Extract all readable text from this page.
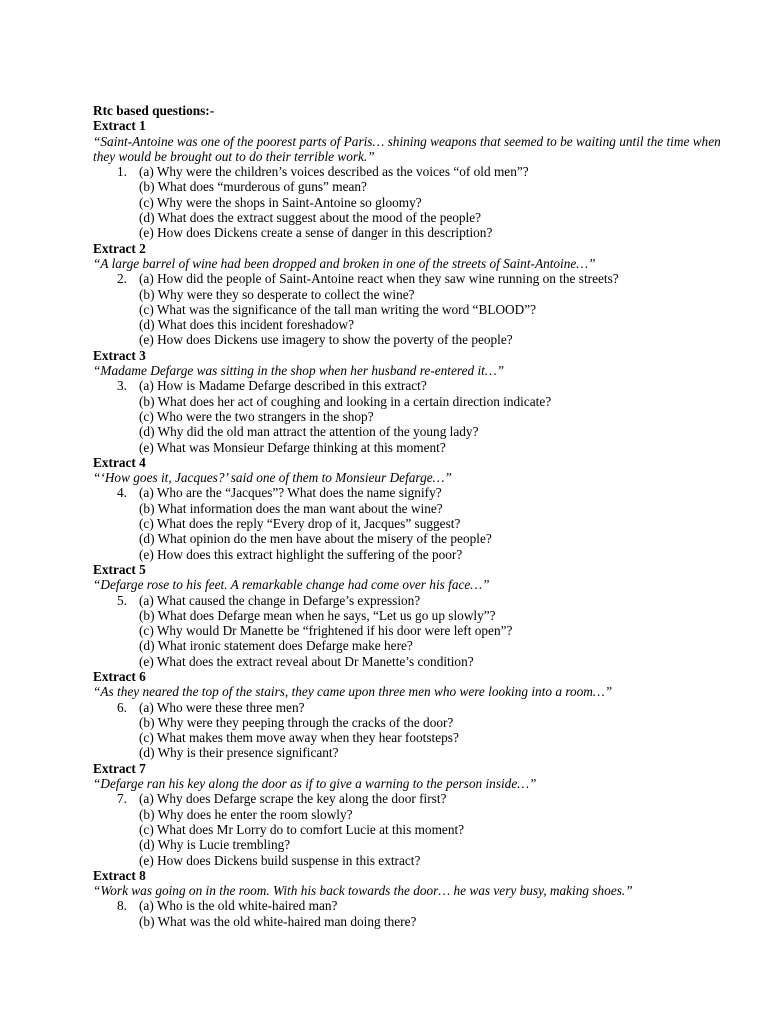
Rtc based questions:-
Extract 1
“Saint-Antoine was one of the poorest parts of Paris… shining weapons that seemed to be waiting until the time when they would be brought out to do their terrible work.”
1. (a) Why were the children’s voices described as the voices “of old men”?
(b) What does “murderous of guns” mean?
(c) Why were the shops in Saint-Antoine so gloomy?
(d) What does the extract suggest about the mood of the people?
(e) How does Dickens create a sense of danger in this description?
Extract 2
“A large barrel of wine had been dropped and broken in one of the streets of Saint-Antoine…”
2. (a) How did the people of Saint-Antoine react when they saw wine running on the streets?
(b) Why were they so desperate to collect the wine?
(c) What was the significance of the tall man writing the word “BLOOD”?
(d) What does this incident foreshadow?
(e) How does Dickens use imagery to show the poverty of the people?
Extract 3
“Madame Defarge was sitting in the shop when her husband re-entered it…”
3. (a) How is Madame Defarge described in this extract?
(b) What does her act of coughing and looking in a certain direction indicate?
(c) Who were the two strangers in the shop?
(d) Why did the old man attract the attention of the young lady?
(e) What was Monsieur Defarge thinking at this moment?
Extract 4
“‘How goes it, Jacques?’ said one of them to Monsieur Defarge…”
4. (a) Who are the “Jacques”? What does the name signify?
(b) What information does the man want about the wine?
(c) What does the reply “Every drop of it, Jacques” suggest?
(d) What opinion do the men have about the misery of the people?
(e) How does this extract highlight the suffering of the poor?
Extract 5
“Defarge rose to his feet. A remarkable change had come over his face…”
5. (a) What caused the change in Defarge’s expression?
(b) What does Defarge mean when he says, “Let us go up slowly”?
(c) Why would Dr Manette be “frightened if his door were left open”?
(d) What ironic statement does Defarge make here?
(e) What does the extract reveal about Dr Manette’s condition?
Extract 6
“As they neared the top of the stairs, they came upon three men who were looking into a room…”
6. (a) Who were these three men?
(b) Why were they peeping through the cracks of the door?
(c) What makes them move away when they hear footsteps?
(d) Why is their presence significant?
Extract 7
“Defarge ran his key along the door as if to give a warning to the person inside…”
7. (a) Why does Defarge scrape the key along the door first?
(b) Why does he enter the room slowly?
(c) What does Mr Lorry do to comfort Lucie at this moment?
(d) Why is Lucie trembling?
(e) How does Dickens build suspense in this extract?
Extract 8
“Work was going on in the room. With his back towards the door… he was very busy, making shoes.”
8. (a) Who is the old white-haired man?
(b) What was the old white-haired man doing there?
